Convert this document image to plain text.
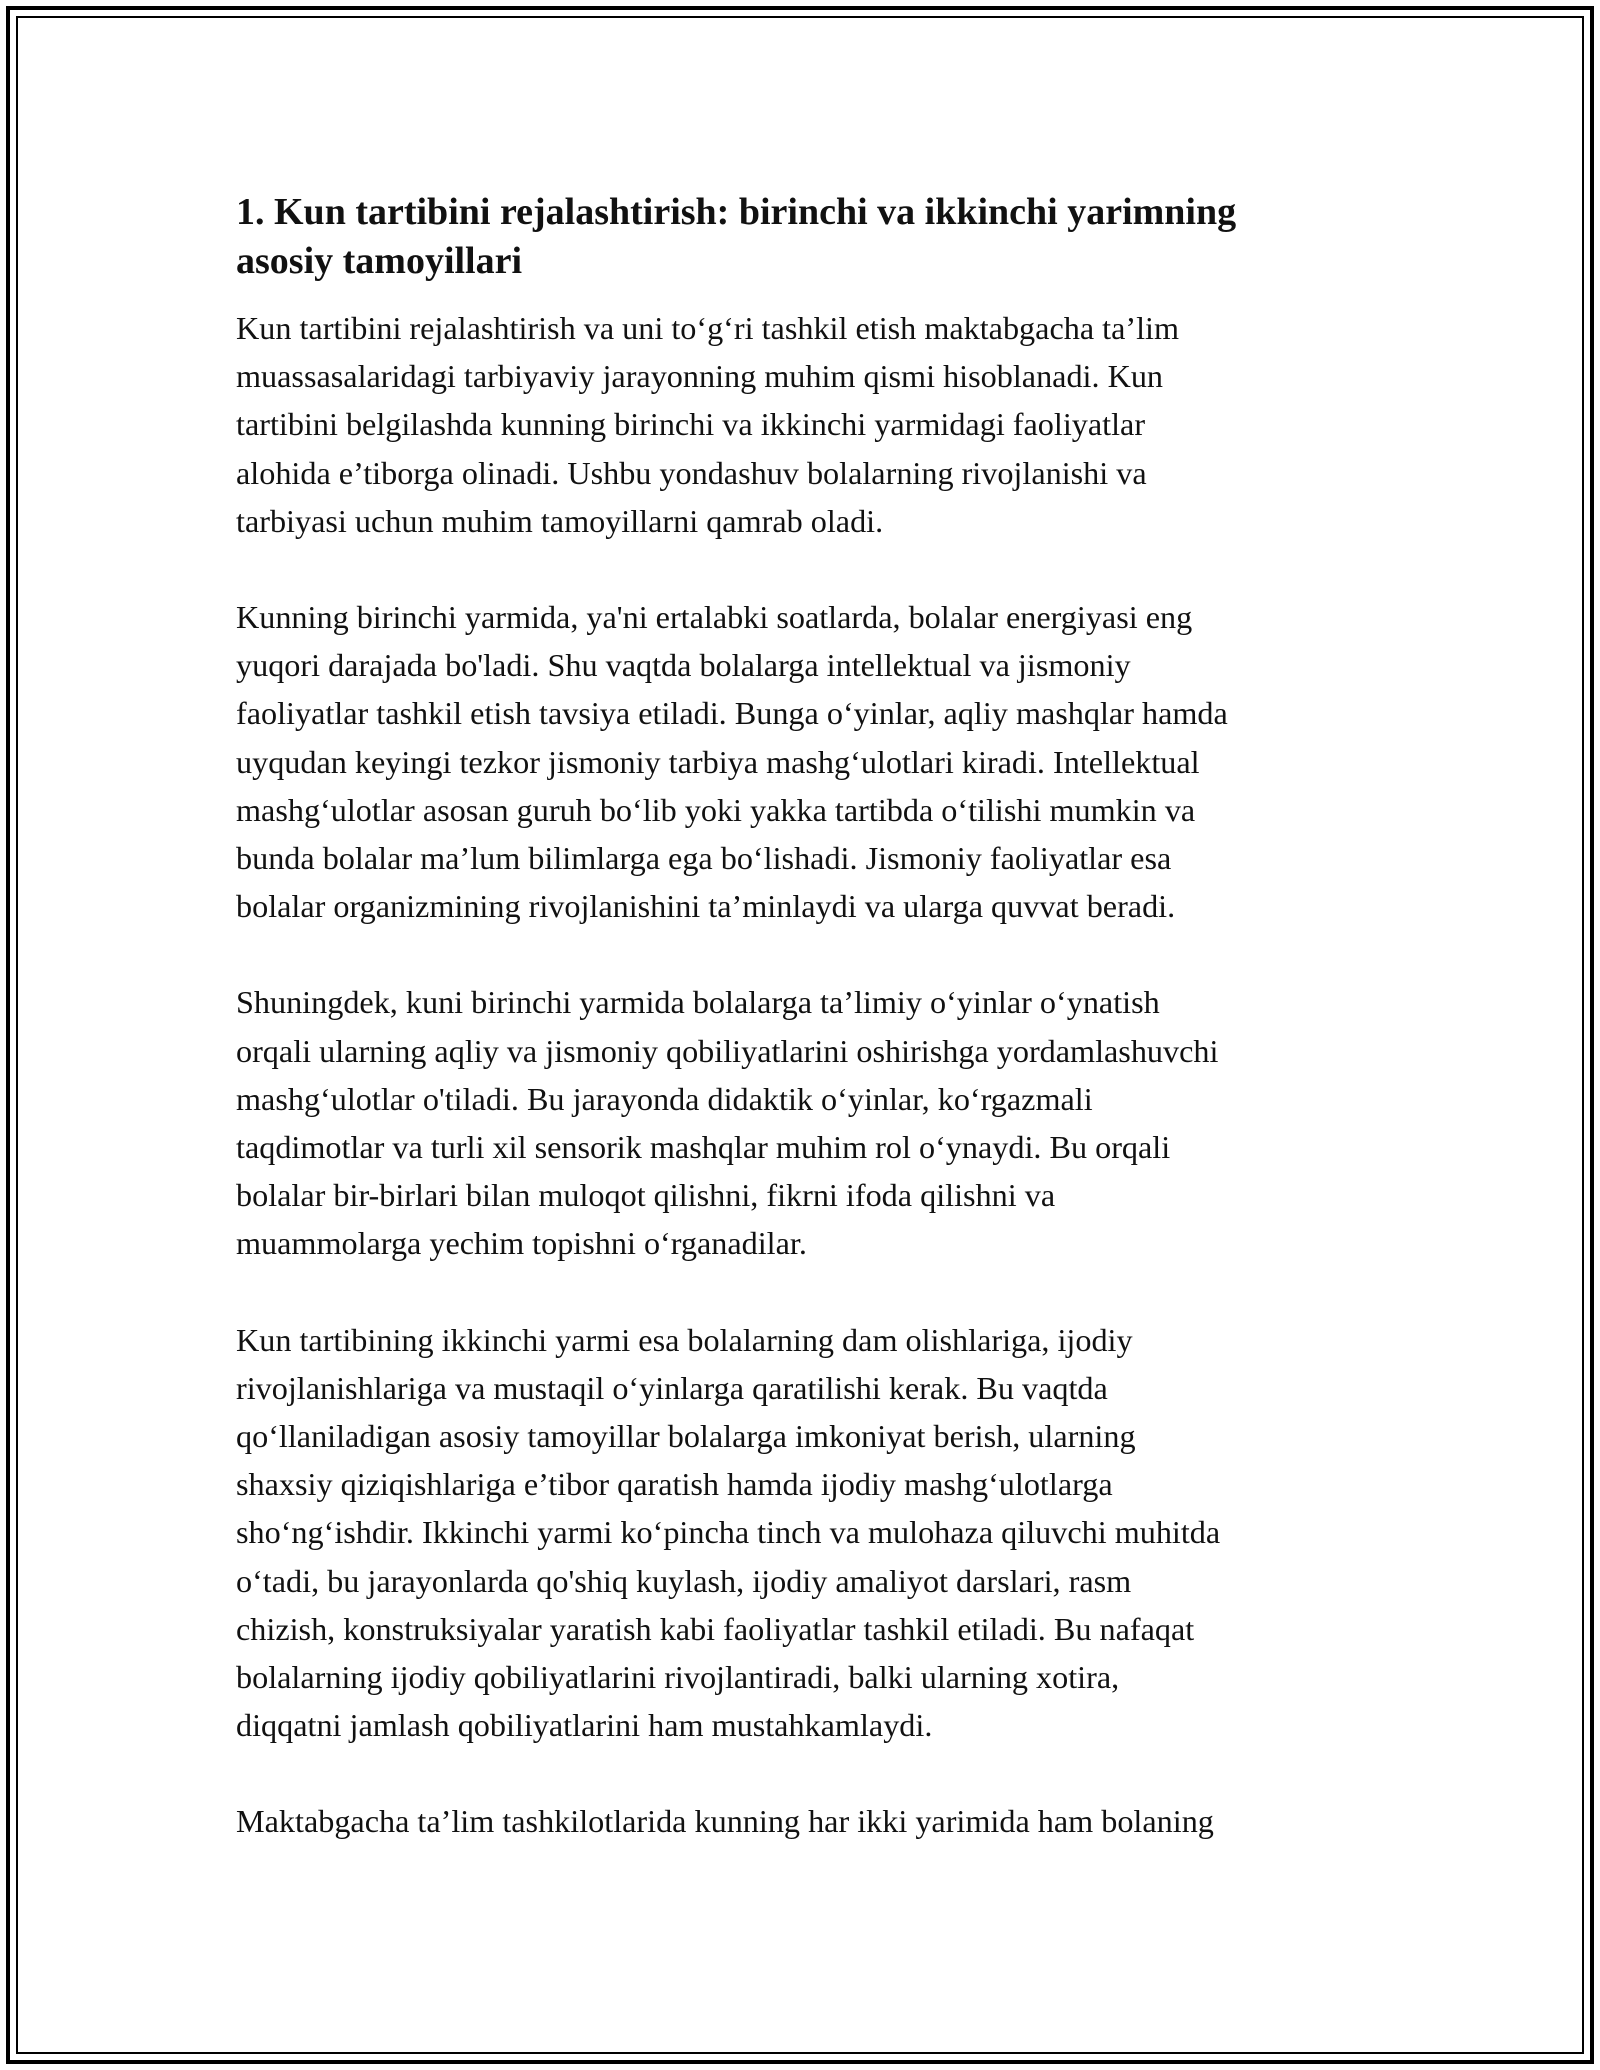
1. Kun tartibini rejalashtirish: birinchi va ikkinchi yarimning
asosiy tamoyillari

Kun tartibini rejalashtirish va uni to‘g‘ri tashkil etish maktabgacha ta’lim
muassasalaridagi tarbiyaviy jarayonning muhim qismi hisoblanadi. Kun
tartibini belgilashda kunning birinchi va ikkinchi yarmidagi faoliyatlar
alohida e’tiborga olinadi. Ushbu yondashuv bolalarning rivojlanishi va
tarbiyasi uchun muhim tamoyillarni qamrab oladi.

Kunning birinchi yarmida, ya'ni ertalabki soatlarda, bolalar energiyasi eng
yuqori darajada bo'ladi. Shu vaqtda bolalarga intellektual va jismoniy
faoliyatlar tashkil etish tavsiya etiladi. Bunga o‘yinlar, aqliy mashqlar hamda
uyqudan keyingi tezkor jismoniy tarbiya mashg‘ulotlari kiradi. Intellektual
mashg‘ulotlar asosan guruh bo‘lib yoki yakka tartibda o‘tilishi mumkin va
bunda bolalar ma’lum bilimlarga ega bo‘lishadi. Jismoniy faoliyatlar esa
bolalar organizmining rivojlanishini ta’minlaydi va ularga quvvat beradi.

Shuningdek, kuni birinchi yarmida bolalarga ta’limiy o‘yinlar o‘ynatish
orqali ularning aqliy va jismoniy qobiliyatlarini oshirishga yordamlashuvchi
mashg‘ulotlar o'tiladi. Bu jarayonda didaktik o‘yinlar, ko‘rgazmali
taqdimotlar va turli xil sensorik mashqlar muhim rol o‘ynaydi. Bu orqali
bolalar bir-birlari bilan muloqot qilishni, fikrni ifoda qilishni va
muammolarga yechim topishni o‘rganadilar.

Kun tartibining ikkinchi yarmi esa bolalarning dam olishlariga, ijodiy
rivojlanishlariga va mustaqil o‘yinlarga qaratilishi kerak. Bu vaqtda
qo‘llaniladigan asosiy tamoyillar bolalarga imkoniyat berish, ularning
shaxsiy qiziqishlariga e’tibor qaratish hamda ijodiy mashg‘ulotlarga
sho‘ng‘ishdir. Ikkinchi yarmi ko‘pincha tinch va mulohaza qiluvchi muhitda
o‘tadi, bu jarayonlarda qo'shiq kuylash, ijodiy amaliyot darslari, rasm
chizish, konstruksiyalar yaratish kabi faoliyatlar tashkil etiladi. Bu nafaqat
bolalarning ijodiy qobiliyatlarini rivojlantiradi, balki ularning xotira,
diqqatni jamlash qobiliyatlarini ham mustahkamlaydi.

Maktabgacha ta’lim tashkilotlarida kunning har ikki yarimida ham bolaning
